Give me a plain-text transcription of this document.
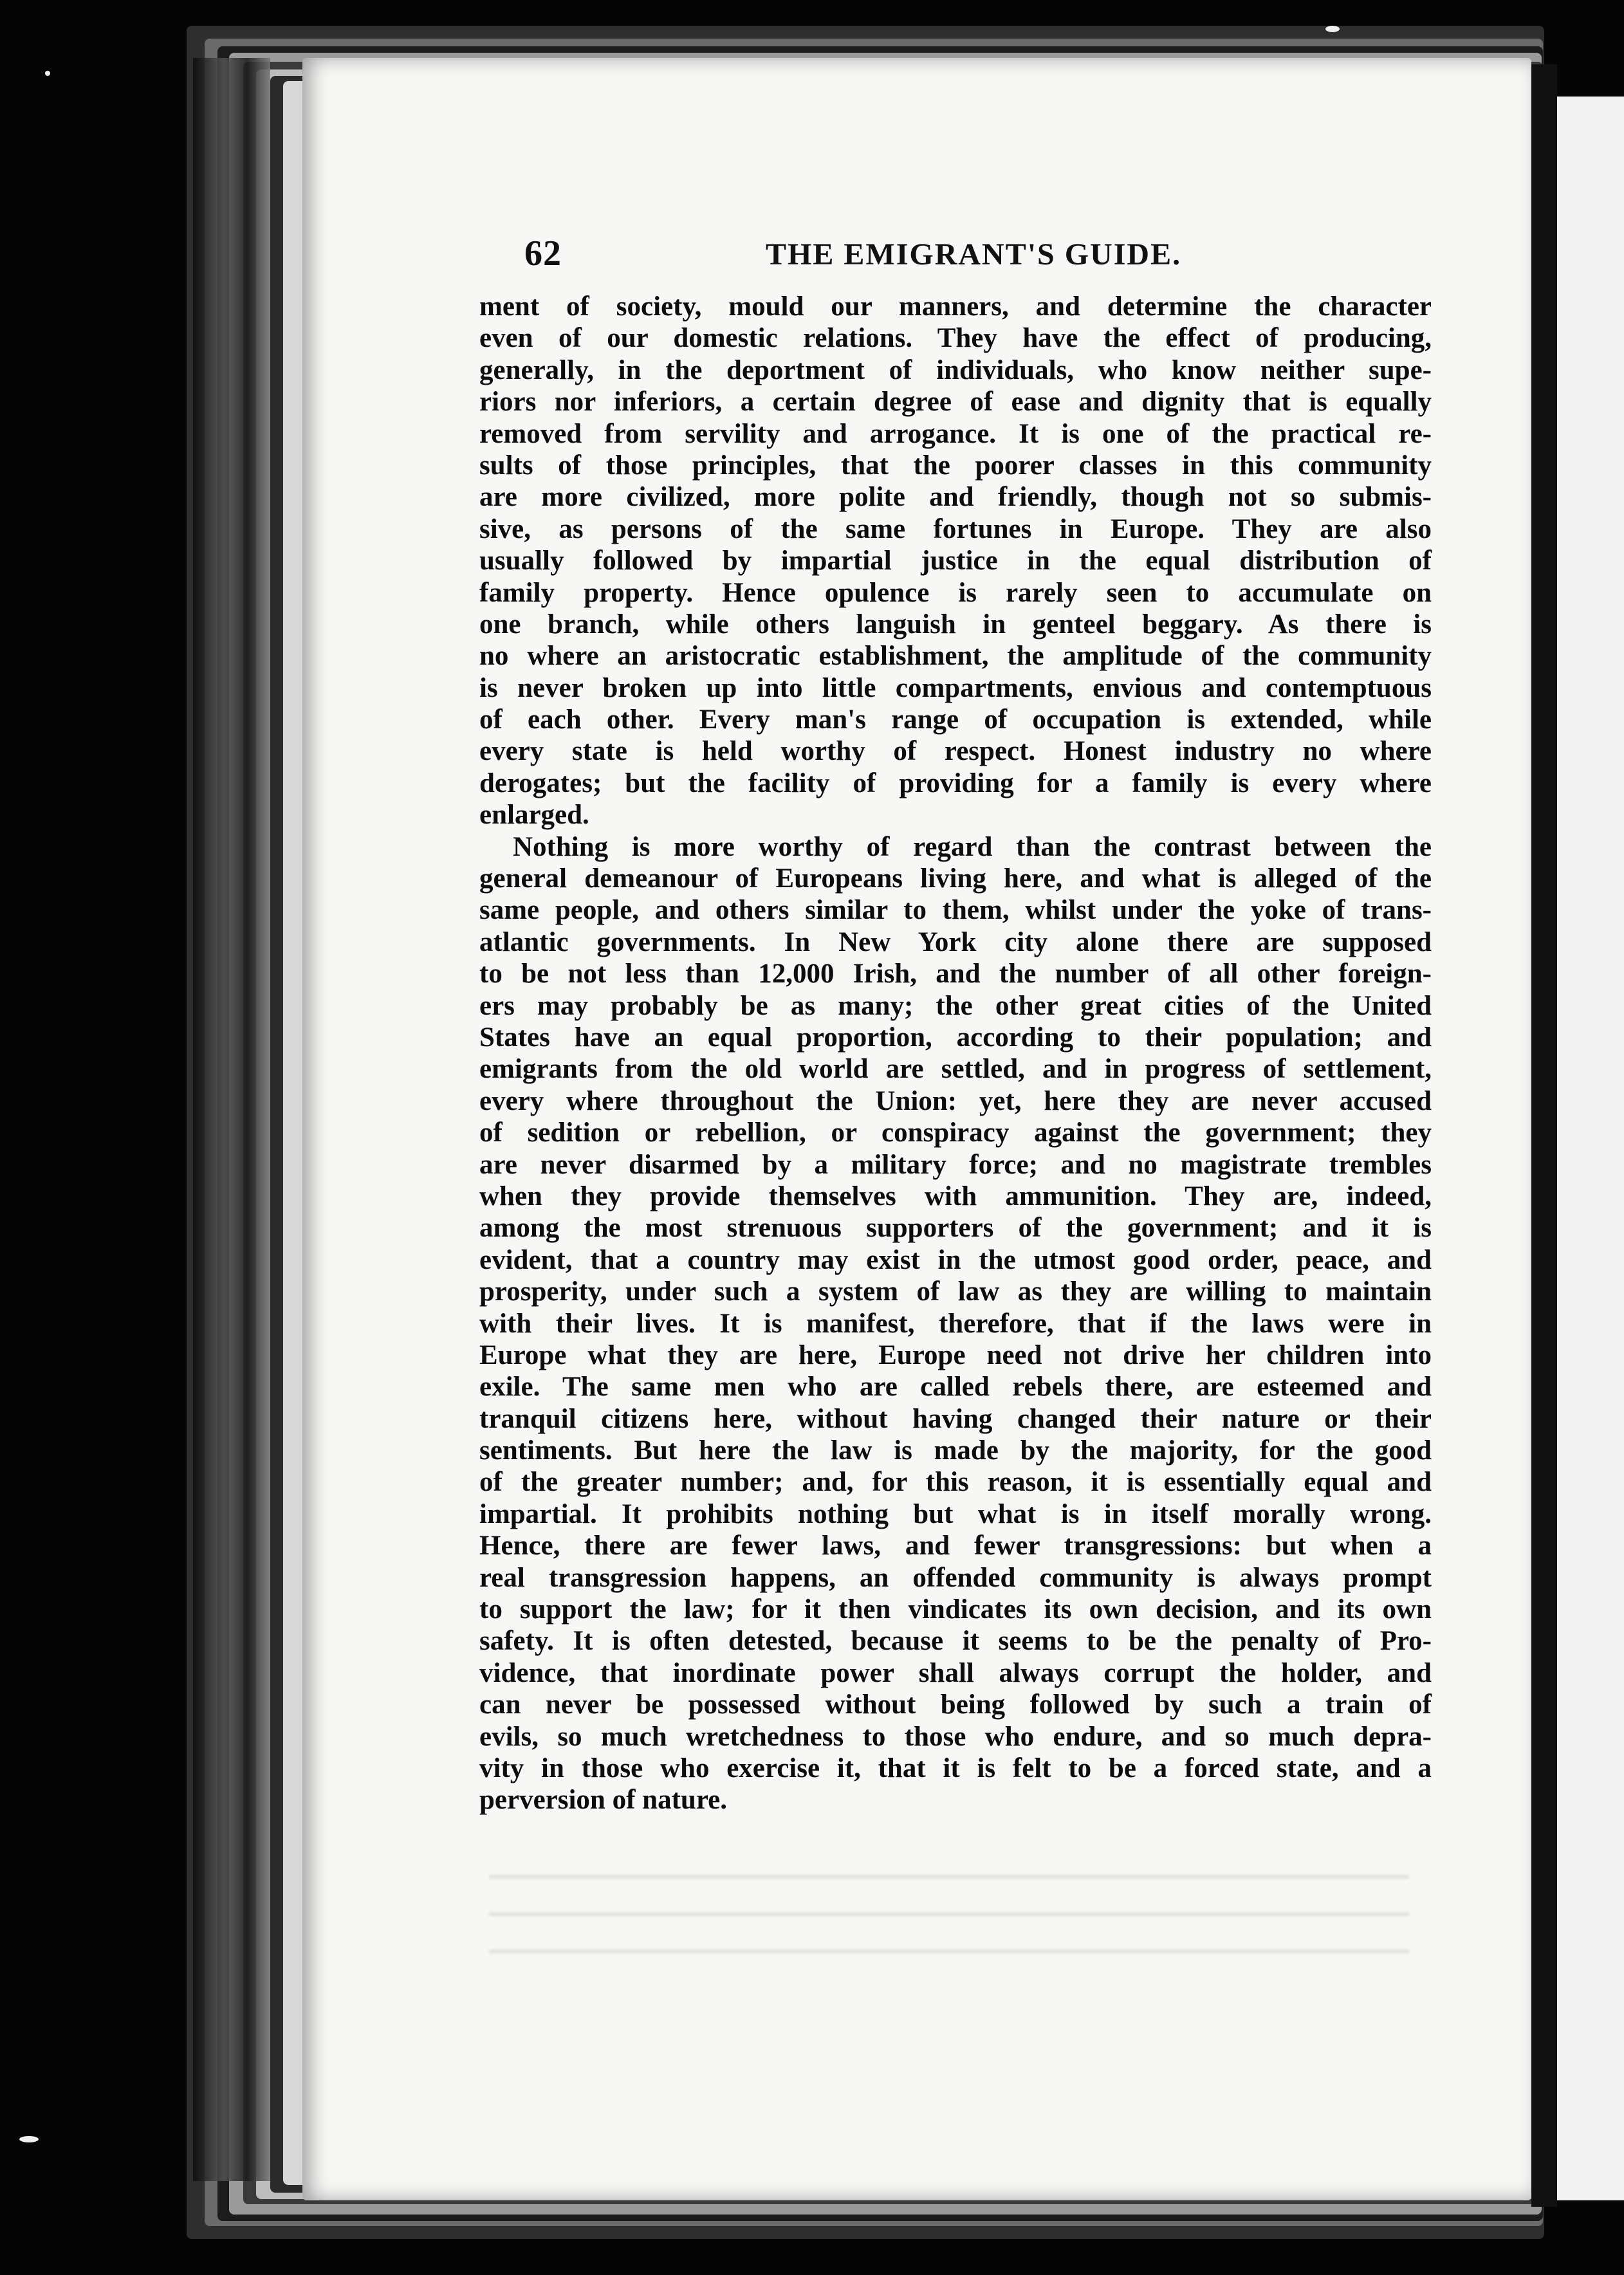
62	THE EMIGRANT'S GUIDE.
ment of society, mould our manners, and determine the character
even of our domestic relations. They have the effect of producing,
generally, in the deportment of individuals, who know neither supe-
riors nor inferiors, a certain degree of ease and dignity that is equally
removed from servility and arrogance. It is one of the practical re-
sults of those principles, that the poorer classes in this community
are more civilized, more polite and friendly, though not so submis-
sive, as persons of the same fortunes in Europe. They are also
usually followed by impartial justice in the equal distribution of
family property. Hence opulence is rarely seen to accumulate on
one branch, while others languish in genteel beggary. As there is
no where an aristocratic establishment, the amplitude of the community
is never broken up into little compartments, envious and contemptuous
of each other. Every man's range of occupation is extended, while
every state is held worthy of respect. Honest industry no where
derogates; but the facility of providing for a family is every where
enlarged.
Nothing is more worthy of regard than the contrast between the
general demeanour of Europeans living here, and what is alleged of the
same people, and others similar to them, whilst under the yoke of trans-
atlantic governments. In New York city alone there are supposed
to be not less than 12,000 Irish, and the number of all other foreign-
ers may probably be as many; the other great cities of the United
States have an equal proportion, according to their population; and
emigrants from the old world are settled, and in progress of settlement,
every where throughout the Union: yet, here they are never accused
of sedition or rebellion, or conspiracy against the government; they
are never disarmed by a military force; and no magistrate trembles
when they provide themselves with ammunition. They are, indeed,
among the most strenuous supporters of the government; and it is
evident, that a country may exist in the utmost good order, peace, and
prosperity, under such a system of law as they are willing to maintain
with their lives. It is manifest, therefore, that if the laws were in
Europe what they are here, Europe need not drive her children into
exile. The same men who are called rebels there, are esteemed and
tranquil citizens here, without having changed their nature or their
sentiments. But here the law is made by the majority, for the good
of the greater number; and, for this reason, it is essentially equal and
impartial. It prohibits nothing but what is in itself morally wrong.
Hence, there are fewer laws, and fewer transgressions: but when a
real transgression happens, an offended community is always prompt
to support the law; for it then vindicates its own decision, and its own
safety. It is often detested, because it seems to be the penalty of Pro-
vidence, that inordinate power shall always corrupt the holder, and
can never be possessed without being followed by such a train of
evils, so much wretchedness to those who endure, and so much depra-
vity in those who exercise it, that it is felt to be a forced state, and a
perversion of nature.
